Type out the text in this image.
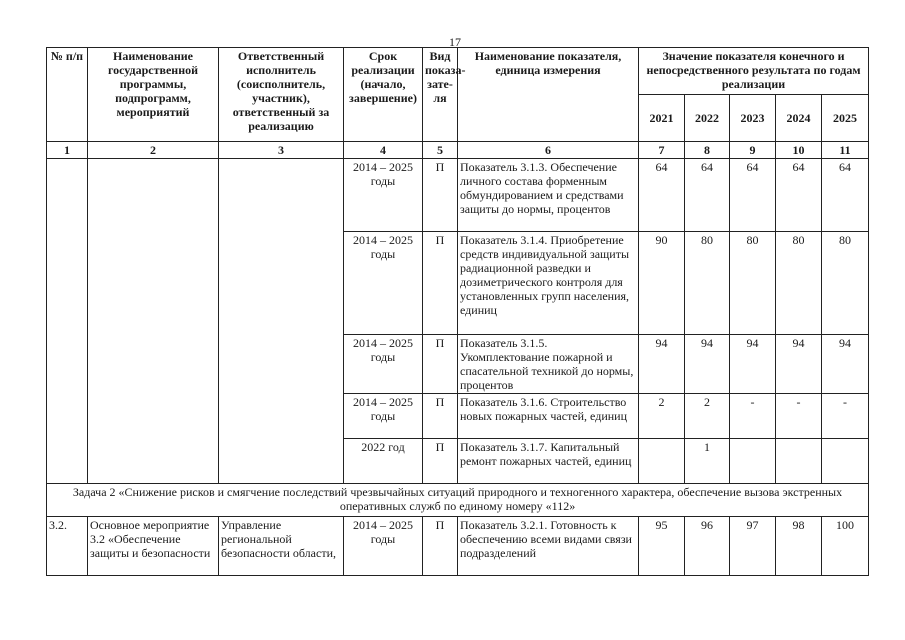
17
№ п/п	Наименование государственной программы, подпрограмм, мероприятий	Ответственный исполнитель (соисполнитель, участник), ответственный за реализацию	Срок реализации (начало, завершение)	Вид показа-зате-ля	Наименование показателя, единица измерения	Значение показателя конечного и непосредственного результата по годам реализации				
						2021	2022	2023	2024	2025
1	2	3	4	5	6	7	8	9	10	11
			2014 – 2025 годы	П	Показатель 3.1.3. Обеспечение личного состава форменным обмундированием и средствами защиты до нормы, процентов	64	64	64	64	64
			2014 – 2025 годы	П	Показатель 3.1.4. Приобретение средств индивидуальной защиты радиационной разведки и дозиметрического контроля для установленных групп населения, единиц	90	80	80	80	80
			2014 – 2025 годы	П	Показатель 3.1.5. Укомплектование пожарной и спасательной техникой до нормы, процентов	94	94	94	94	94
			2014 – 2025 годы	П	Показатель 3.1.6. Строительство новых пожарных частей, единиц	2	2	-	-	-
			2022 год	П	Показатель 3.1.7. Капитальный ремонт пожарных частей, единиц		1			
Задача 2 «Снижение рисков и смягчение последствий чрезвычайных ситуаций природного и техногенного характера, обеспечение вызова экстренных оперативных служб по единому номеру «112»										
3.2.	Основное мероприятие 3.2 «Обеспечение защиты и безопасности	Управление региональной безопасности области,	2014 – 2025 годы	П	Показатель 3.2.1. Готовность к обеспечению всеми видами связи подразделений	95	96	97	98	100
